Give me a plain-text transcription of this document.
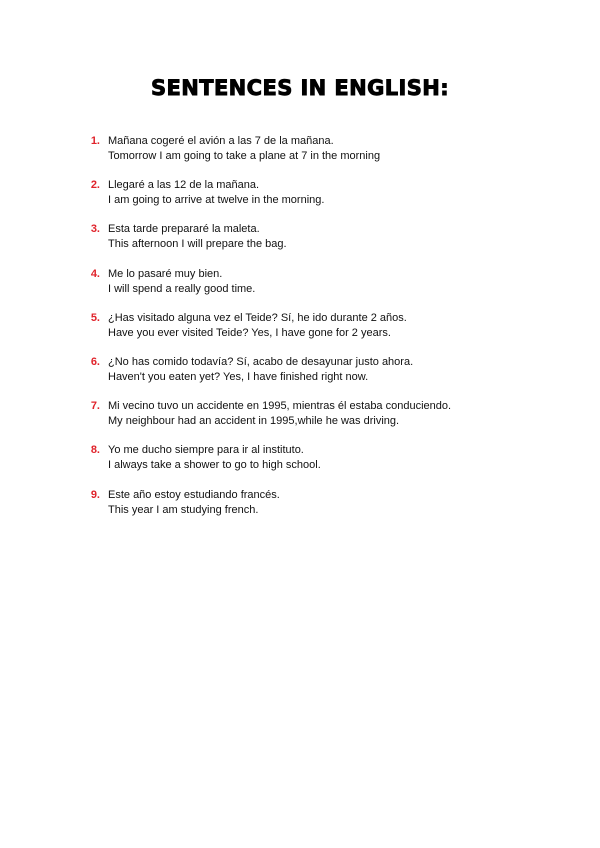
SENTENCES IN ENGLISH:
1. Mañana cogeré el avión a las 7 de la mañana.
Tomorrow I am going to take a plane at 7 in the morning
2. Llegaré a las 12 de la mañana.
I am going to arrive at twelve in the morning.
3. Esta tarde prepararé la maleta.
This afternoon I will prepare the bag.
4. Me lo pasaré muy bien.
I will spend a really good time.
5. ¿Has visitado alguna vez el Teide? Sí, he ido durante 2 años.
Have you ever visited Teide? Yes, I have gone for 2 years.
6. ¿No has comido todavía? Sí, acabo de desayunar justo ahora.
Haven't you eaten yet? Yes, I have finished right now.
7. Mi vecino tuvo un accidente en 1995, mientras él estaba conduciendo.
My neighbour had an accident in 1995,while he was driving.
8. Yo me ducho siempre para ir al instituto.
I always take a shower to go to high school.
9. Este año estoy estudiando francés.
This year I am studying french.
